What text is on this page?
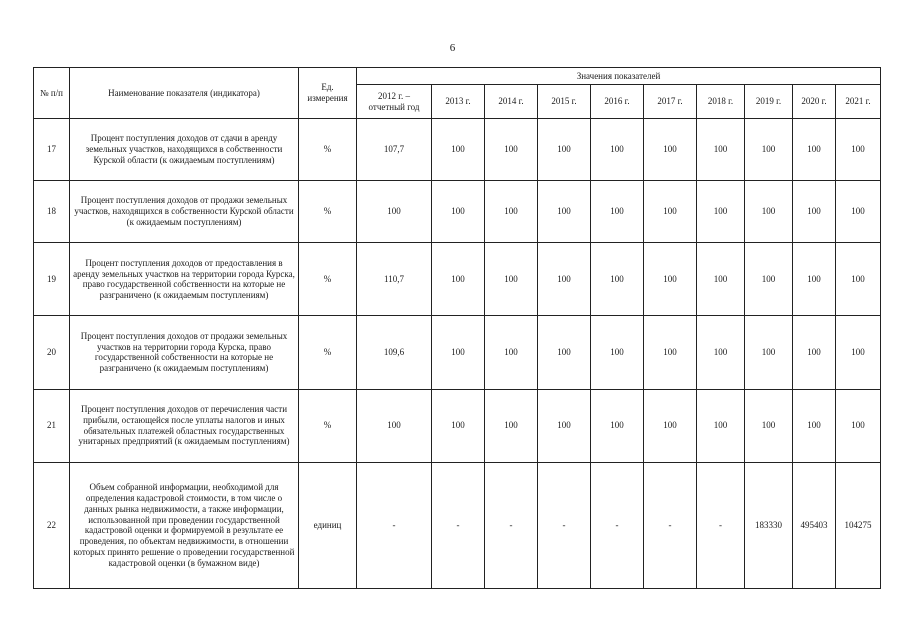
6
№ п/п	Наименование показателя (индикатора)	Ед. измерения	Значения показателей									
			2012 г. – отчетный год	2013 г.	2014 г.	2015 г.	2016 г.	2017 г.	2018 г.	2019 г.	2020 г.	2021 г.
17	Процент поступления доходов от сдачи в аренду земельных участков, находящихся в собственности Курской области (к ожидаемым поступлениям)	%	107,7	100	100	100	100	100	100	100	100	100
18	Процент поступления доходов от продажи земельных участков, находящихся в собственности Курской области (к ожидаемым поступлениям)	%	100	100	100	100	100	100	100	100	100	100
19	Процент поступления доходов от предоставления в аренду земельных участков на территории города Курска, право государственной собственности на которые не разграничено (к ожидаемым поступлениям)	%	110,7	100	100	100	100	100	100	100	100	100
20	Процент поступления доходов от продажи земельных участков на территории города Курска, право государственной собственности на которые не разграничено (к ожидаемым поступлениям)	%	109,6	100	100	100	100	100	100	100	100	100
21	Процент поступления доходов от перечисления части прибыли, остающейся после уплаты налогов и иных обязательных платежей областных государственных унитарных предприятий (к ожидаемым поступлениям)	%	100	100	100	100	100	100	100	100	100	100
22	Объем собранной информации, необходимой для определения кадастровой стоимости, в том числе о данных рынка недвижимости, а также информации, использованной при проведении государственной кадастровой оценки и формируемой в результате ее проведения, по объектам недвижимости, в отношении которых принято решение о проведении государственной кадастровой оценки (в бумажном виде)	единиц	-	-	-	-	-	-	-	183330	495403	104275
